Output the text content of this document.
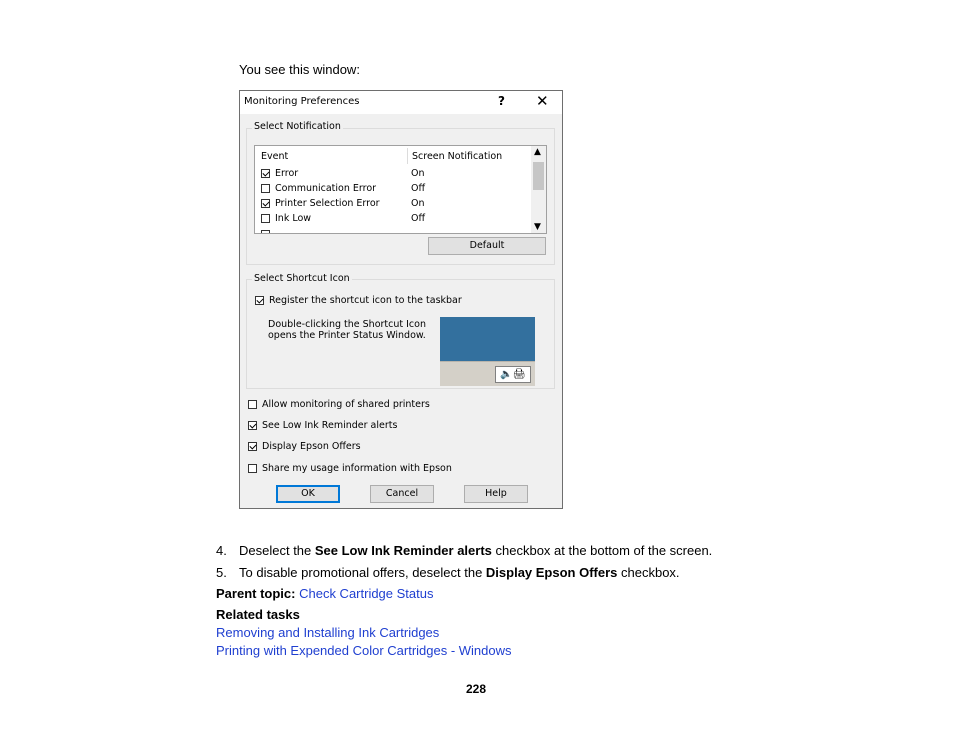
You see this window:
Monitoring Preferences	? ✕
Select Notification
Event	Screen Notification
Error	On
Communication Error	Off
Printer Selection Error	On
Ink Low	Off
▲
▼
Default
Select Shortcut Icon
Register the shortcut icon to the taskbar
Double-clicking the Shortcut Icon
opens the Printer Status Window.
🔈🖨
Allow monitoring of shared printers
See Low Ink Reminder alerts
Display Epson Offers
Share my usage information with Epson
OK	Cancel	Help
4. Deselect the See Low Ink Reminder alerts checkbox at the bottom of the screen.
5. To disable promotional offers, deselect the Display Epson Offers checkbox.
Parent topic: Check Cartridge Status
Related tasks
Removing and Installing Ink Cartridges
Printing with Expended Color Cartridges - Windows
228
